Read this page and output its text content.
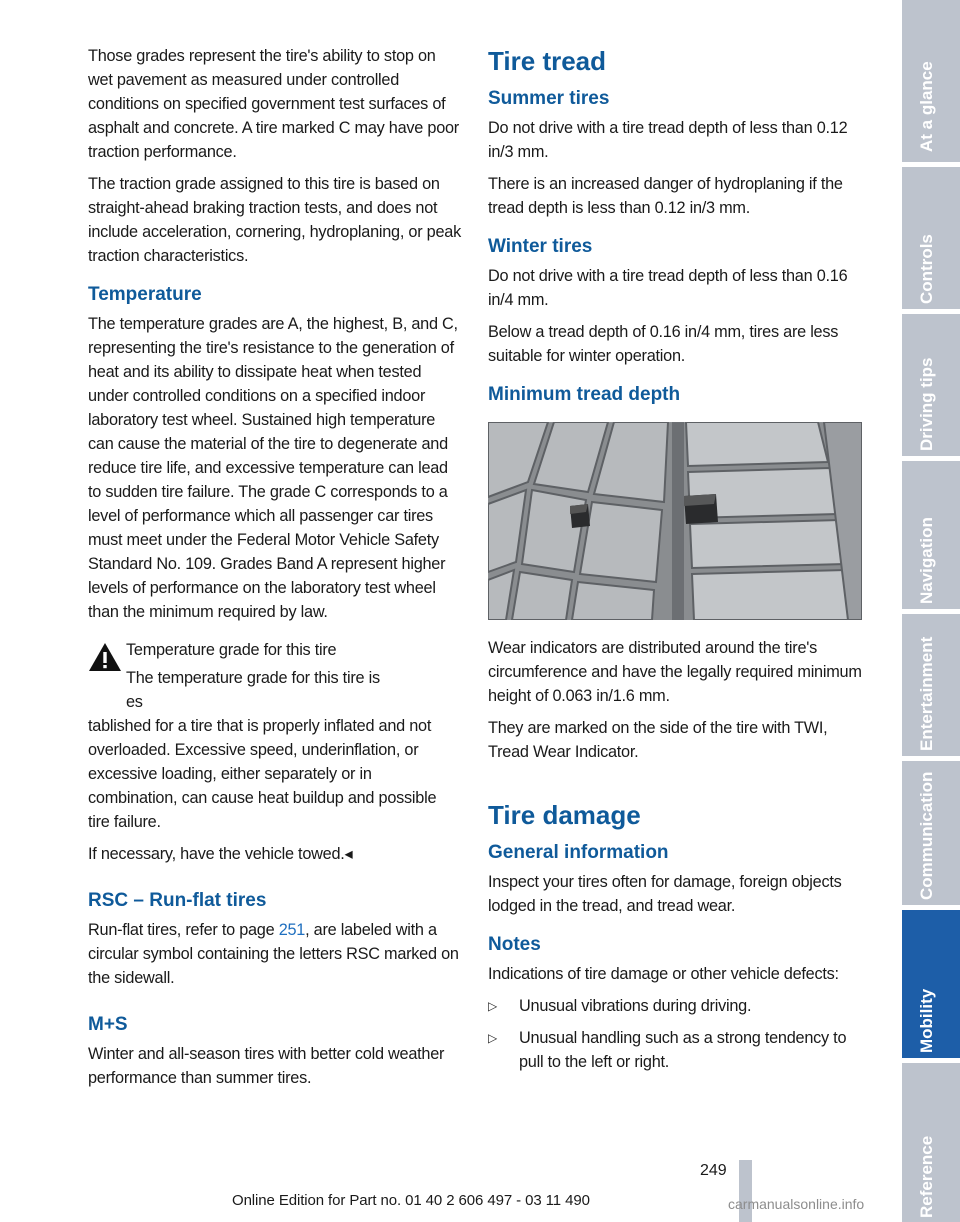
Those grades represent the tire's ability to stop on wet pavement as measured under controlled conditions on specified government test surfaces of asphalt and concrete. A tire marked C may have poor traction performance.

The traction grade assigned to this tire is based on straight-ahead braking traction tests, and does not include acceleration, cornering, hydroplaning, or peak traction characteristics.

Temperature

The temperature grades are A, the highest, B, and C, representing the tire's resistance to the generation of heat and its ability to dissipate heat when tested under controlled conditions on a specified indoor laboratory test wheel. Sustained high temperature can cause the material of the tire to degenerate and reduce tire life, and excessive temperature can lead to sudden tire failure. The grade C corresponds to a level of performance which all passenger car tires must meet under the Federal Motor Vehicle Safety Standard No. 109. Grades Band A represent higher levels of performance on the laboratory test wheel than the minimum required by law.

Temperature grade for this tire

The temperature grade for this tire is es

tablished for a tire that is properly inflated and not overloaded. Excessive speed, underinflation, or excessive loading, either separately or in combination, can cause heat buildup and possible tire failure.

If necessary, have the vehicle towed.◂

RSC – Run-flat tires

Run-flat tires, refer to page 251, are labeled with a circular symbol containing the letters RSC marked on the sidewall.

M+S

Winter and all-season tires with better cold weather performance than summer tires.

Tire tread
Summer tires

Do not drive with a tire tread depth of less than 0.12 in/3 mm.

There is an increased danger of hydroplaning if the tread depth is less than 0.12 in/3 mm.

Winter tires

Do not drive with a tire tread depth of less than 0.16 in/4 mm.

Below a tread depth of 0.16 in/4 mm, tires are less suitable for winter operation.

Minimum tread depth

Wear indicators are distributed around the tire's circumference and have the legally required minimum height of 0.063 in/1.6 mm.

They are marked on the side of the tire with TWI, Tread Wear Indicator.

Tire damage
General information

Inspect your tires often for damage, foreign objects lodged in the tread, and tread wear.

Notes

Indications of tire damage or other vehicle defects:

▷	Unusual vibrations during driving.
▷	Unusual handling such as a strong tendency to pull to the left or right.
At a glance
Controls
Driving tips
Navigation
Entertainment
Communication
Mobility
Reference
249
Online Edition for Part no. 01 40 2 606 497 - 03 11 490	carmanualsonline.info
